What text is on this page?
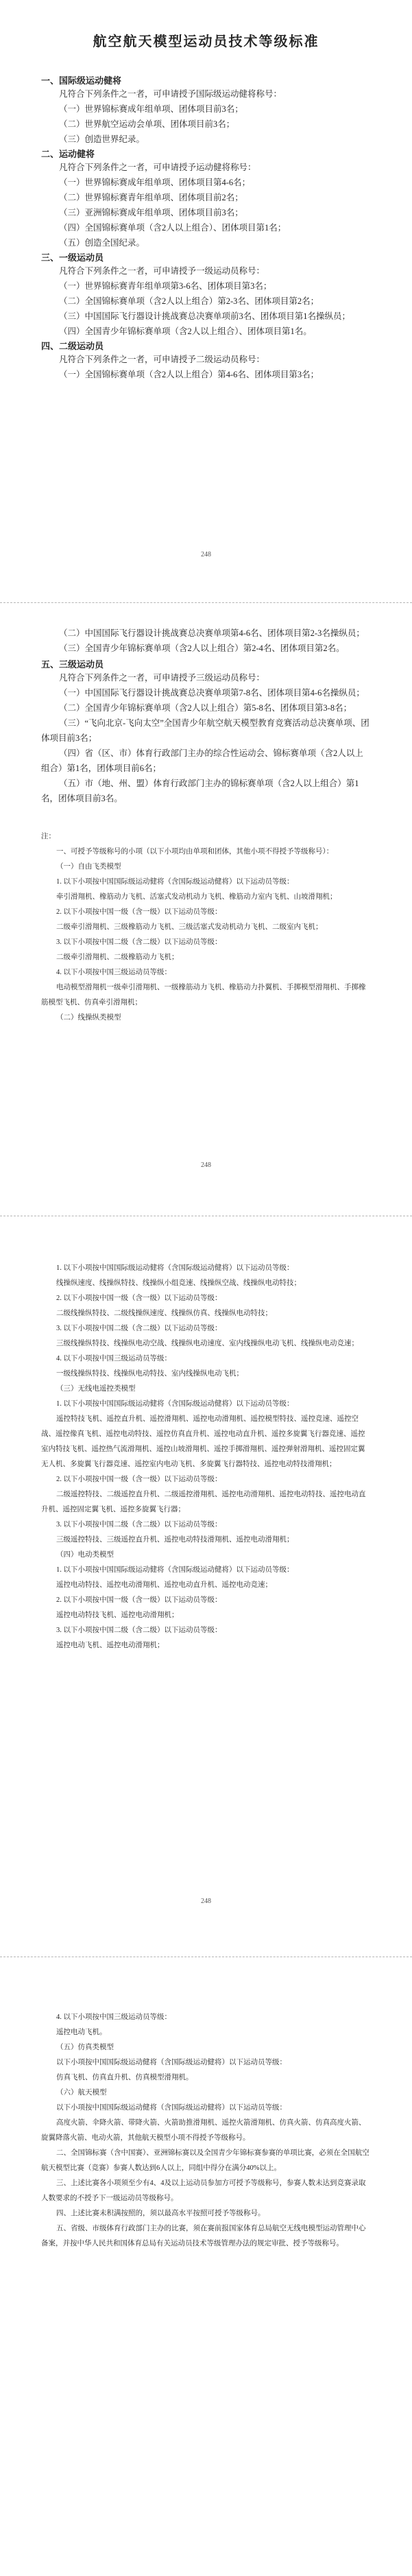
航空航天模型运动员技术等级标准
一、国际级运动健将
凡符合下列条件之一者，可申请授予国际级运动健将称号：
（一）世界锦标赛成年组单项、团体项目前3名；
（二）世界航空运动会单项、团体项目前3名；
（三）创造世界纪录。
二、运动健将
凡符合下列条件之一者，可申请授予运动健将称号：
（一）世界锦标赛成年组单项、团体项目第4-6名；
（二）世界锦标赛青年组单项、团体项目前2名；
（三）亚洲锦标赛成年组单项、团体项目前3名；
（四）全国锦标赛单项（含2人以上组合）、团体项目第1名；
（五）创造全国纪录。
三、一级运动员
凡符合下列条件之一者，可申请授予一级运动员称号：
（一）世界锦标赛青年组单项第3-6名、团体项目第3名；
（二）全国锦标赛单项（含2人以上组合）第2-3名、团体项目第2名；
（三）中国国际飞行器设计挑战赛总决赛单项前3名、团体项目第1名操纵员；
（四）全国青少年锦标赛单项（含2人以上组合）、团体项目第1名。
四、二级运动员
凡符合下列条件之一者，可申请授予二级运动员称号：
（一）全国锦标赛单项（含2人以上组合）第4-6名、团体项目第3名；
248
（二）中国国际飞行器设计挑战赛总决赛单项第4-6名、团体项目第2-3名操纵员；
（三）全国青少年锦标赛单项（含2人以上组合）第2-4名、团体项目第2名。
五、三级运动员
凡符合下列条件之一者，可申请授予三级运动员称号：
（一）中国国际飞行器设计挑战赛总决赛单项第7-8名、团体项目第4-6名操纵员；
（二）全国青少年锦标赛单项（含2人以上组合）第5-8名、团体项目第3-8名；
（三）“飞向北京-飞向太空”全国青少年航空航天模型教育竞赛活动总决赛单项、团体项目前3名；
（四）省（区、市）体育行政部门主办的综合性运动会、锦标赛单项（含2人以上组合）第1名，团体项目前6名；
（五）市（地、州、盟）体育行政部门主办的锦标赛单项（含2人以上组合）第1名，团体项目前3名。
注：
一、可授予等级称号的小项（以下小项均由单项和团体，其他小项不得授予等级称号）：
（一）自由飞类模型
1. 以下小项按中国国际级运动健将（含国际级运动健将）以下运动员等级：
牵引滑翔机、橡筋动力飞机、活塞式发动机动力飞机、橡筋动力室内飞机、山坡滑翔机；
2. 以下小项按中国一级（含一级）以下运动员等级：
二级牵引滑翔机、三级橡筋动力飞机、三级活塞式发动机动力飞机、二级室内飞机；
3. 以下小项按中国二级（含二级）以下运动员等级：
二级牵引滑翔机、二级橡筋动力飞机；
4. 以下小项按中国三级运动员等级：
电动模型滑翔机一级牵引滑翔机、一级橡筋动力飞机、橡筋动力扑翼机、手掷模型滑翔机、手掷橡筋模型飞机、仿真牵引滑翔机；
（二）线操纵类模型
248
1. 以下小项按中国国际级运动健将（含国际级运动健将）以下运动员等级：
线操纵速度、线操纵特技、线操纵小组竞速、线操纵空战、线操纵电动特技；
2. 以下小项按中国一级（含一级）以下运动员等级：
二级线操纵特技、二级线操纵速度、线操纵仿真、线操纵电动特技；
3. 以下小项按中国二级（含二级）以下运动员等级：
三级线操纵特技、线操纵电动空战、线操纵电动速度、室内线操纵电动飞机、线操纵电动竞速；
4. 以下小项按中国三级运动员等级：
一级线操纵特技、线操纵电动特技、室内线操纵电动飞机；
（三）无线电遥控类模型
1. 以下小项按中国国际级运动健将（含国际级运动健将）以下运动员等级：
遥控特技飞机、遥控直升机、遥控滑翔机、遥控电动滑翔机、遥控模型特技、遥控竞速、遥控空战、遥控像真飞机、遥控电动特技、遥控仿真直升机、遥控电动直升机、遥控多旋翼飞行器竞速、遥控室内特技飞机、遥控热气流滑翔机、遥控山坡滑翔机、遥控手掷滑翔机、遥控弹射滑翔机、遥控固定翼无人机、多旋翼飞行器竞速、遥控室内电动飞机、多旋翼飞行器特技、遥控电动特技滑翔机；
2. 以下小项按中国一级（含一级）以下运动员等级：
二级遥控特技、二级遥控直升机、二级遥控滑翔机、遥控电动滑翔机、遥控电动特技、遥控电动直升机、遥控固定翼飞机、遥控多旋翼飞行器；
3. 以下小项按中国二级（含二级）以下运动员等级：
三级遥控特技、三级遥控直升机、遥控电动特技滑翔机、遥控电动滑翔机；
（四）电动类模型
1. 以下小项按中国国际级运动健将（含国际级运动健将）以下运动员等级：
遥控电动特技、遥控电动滑翔机、遥控电动直升机、遥控电动竞速；
2. 以下小项按中国一级（含一级）以下运动员等级：
遥控电动特技飞机、遥控电动滑翔机；
3. 以下小项按中国二级（含二级）以下运动员等级：
遥控电动飞机、遥控电动滑翔机；
248
4. 以下小项按中国三级运动员等级：
遥控电动飞机。
（五）仿真类模型
以下小项按中国国际级运动健将（含国际级运动健将）以下运动员等级：
仿真飞机、仿真直升机、仿真模型滑翔机。
（六）航天模型
以下小项按中国国际级运动健将（含国际级运动健将）以下运动员等级：
高度火箭、伞降火箭、带降火箭、火箭助推滑翔机、遥控火箭滑翔机、仿真火箭、仿真高度火箭、旋翼降落火箭、电动火箭，其他航天模型小项不得授予等级称号。
二、全国锦标赛（含中国赛）、亚洲锦标赛以及全国青少年锦标赛参赛的单项比赛，必须在全国航空航天模型比赛（竞赛）参赛人数达到6人以上，同组中得分在满分40%以上。
三、上述比赛各小项须至少有4、4及以上运动员参加方可授予等级称号，参赛人数未达到竞赛录取人数要求的不授予下一级运动员等级称号。
四、上述比赛未积满按照的，须以最高水平按照可授予等级称号。
五、省级、市级体育行政部门主办的比赛，须在赛前报国家体育总局航空无线电模型运动管理中心备案，并按中华人民共和国体育总局有关运动员技术等级管理办法的规定审批、授予等级称号。
